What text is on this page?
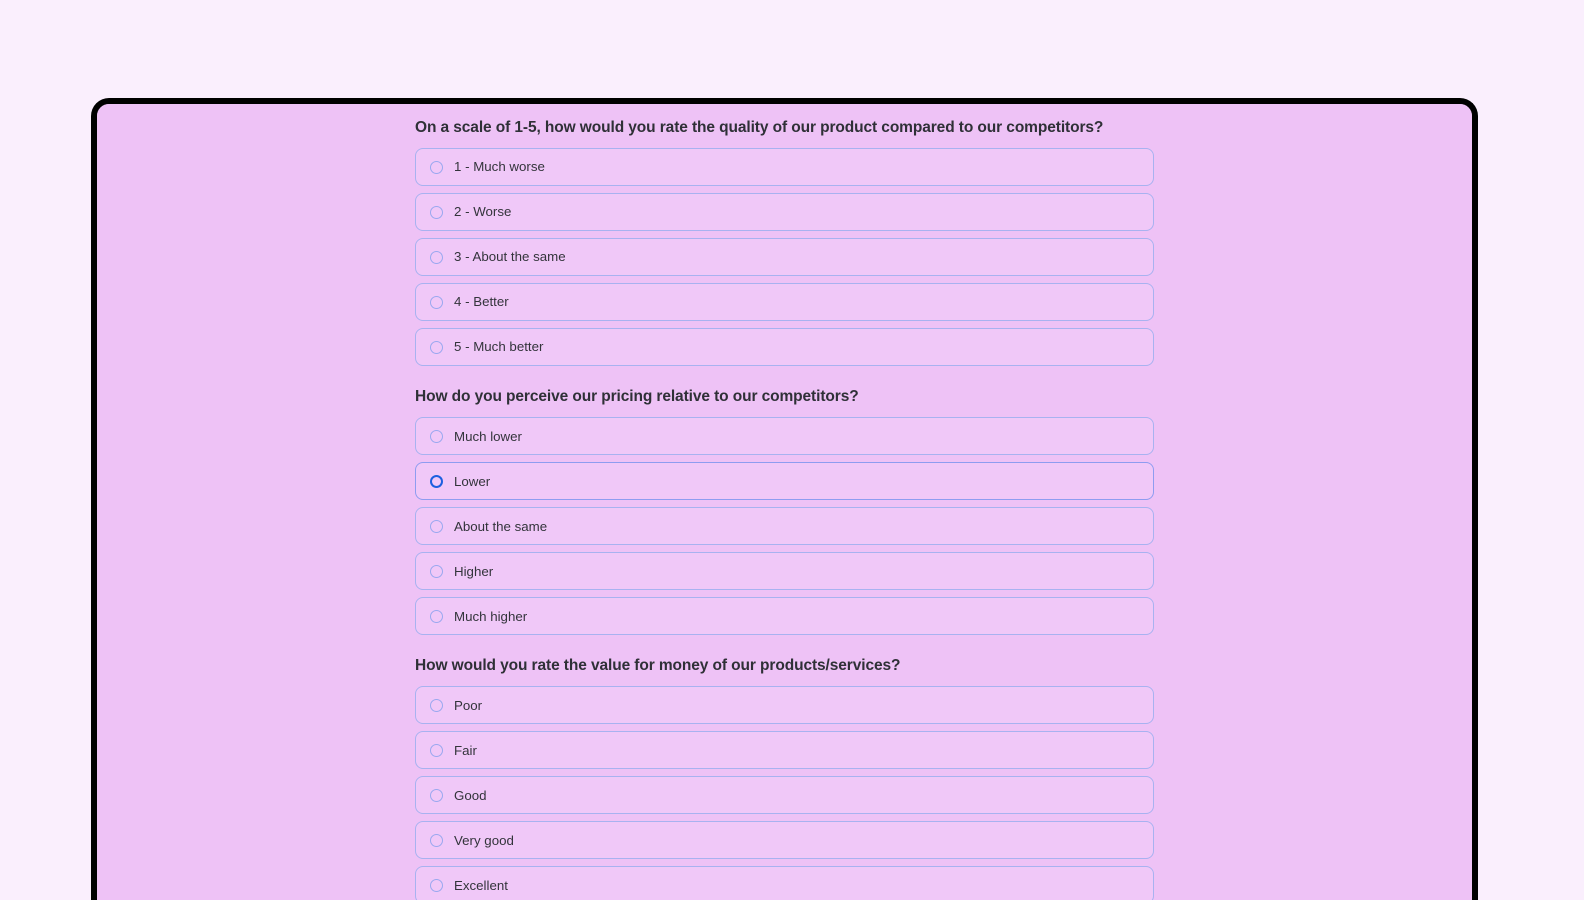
On a scale of 1-5, how would you rate the quality of our product compared to our competitors?
1 - Much worse
2 - Worse
3 - About the same
4 - Better
5 - Much better
How do you perceive our pricing relative to our competitors?
Much lower
Lower
About the same
Higher
Much higher
How would you rate the value for money of our products/services?
Poor
Fair
Good
Very good
Excellent
